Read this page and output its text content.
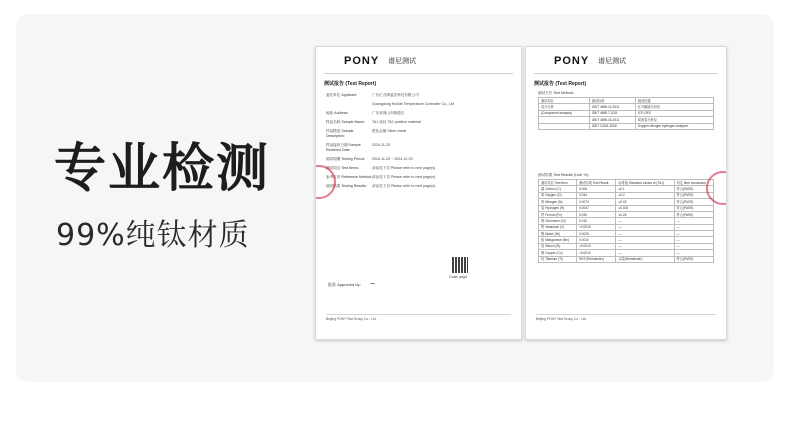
专业检测

99%纯钛材质

PONY 谱尼测试
测试报告 (Test Report)
委托单位 Applicant:	广东汇吉牌温控科技有限公司
Guangdong Huilide Temperature Controller Co., Ltd
地址 Address:	广东省佛山市顺德区
样品名称 Sample Name:	TA1 纯钛 TA1 positive material
样品描述 Sample Description:
银色金属 Silver metal
样品接收日期 Sample Received Date:
2024-11-25
测试周期 Testing Period:	2024-11-25 ~ 2024-12-03
测试项目 Test Items:	请参见下页 Please refer to next page(s)
参考方法 Reference Method: 请参见下页 Please refer to next page(s)
测试结果 Testing Results:	请参见下页 Please refer to next page(s)
批准 Approved by: ~
Code: pujpt
Beijing PONY Test Group Co., Ltd.
PONY 谱尼测试
测试报告 (Test Report)
测试方法 Test Method:
测试项目	测试标准	测试仪器
成分分析	GB/T 4698.14-2011	红外碳硫分析仪
(Component analysis)	GB/T 4698.7-2011	ICP-OES
	GB/T 4698.15-2011	氧氮氢分析仪
	GB/T 11261-2006	Oxygen nitrogen hydrogen analyzer
测试结果 Test Results (Unit: %):
测试项目 Test Item	测试结果 Test Result	标准值 Standard values of (TA1)	判定 Item conclusion
碳 Carbon (C)	0.006	≤0.1	符合(PASS)
氧 Oxygen (O)	0.044	≤0.2	符合(PASS)
氮 Nitrogen (N)	0.0074	≤0.03	符合(PASS)
氢 Hydrogen (H)	0.0047	≤0.015	符合(PASS)
铁 Ferrum (Fe)	0.030	≤0.25	符合(PASS)
铬 Chromium (Cr)	0.010	—	—
钒 Vanadium (V)	<0.0010	—	—
镍 Nickel (Ni)	0.0026	—	—
锰 Manganese (Mn)	0.0010	—	—
硅 Silicon (Si)	<0.0010	—	—
铜 Copper (Cu)	<0.0010	—	—
钛 Titanium (Ti)	99.9 (Remainder)	余量(Remainder)	符合(PASS)
Beijing PONY Test Group Co., Ltd.
